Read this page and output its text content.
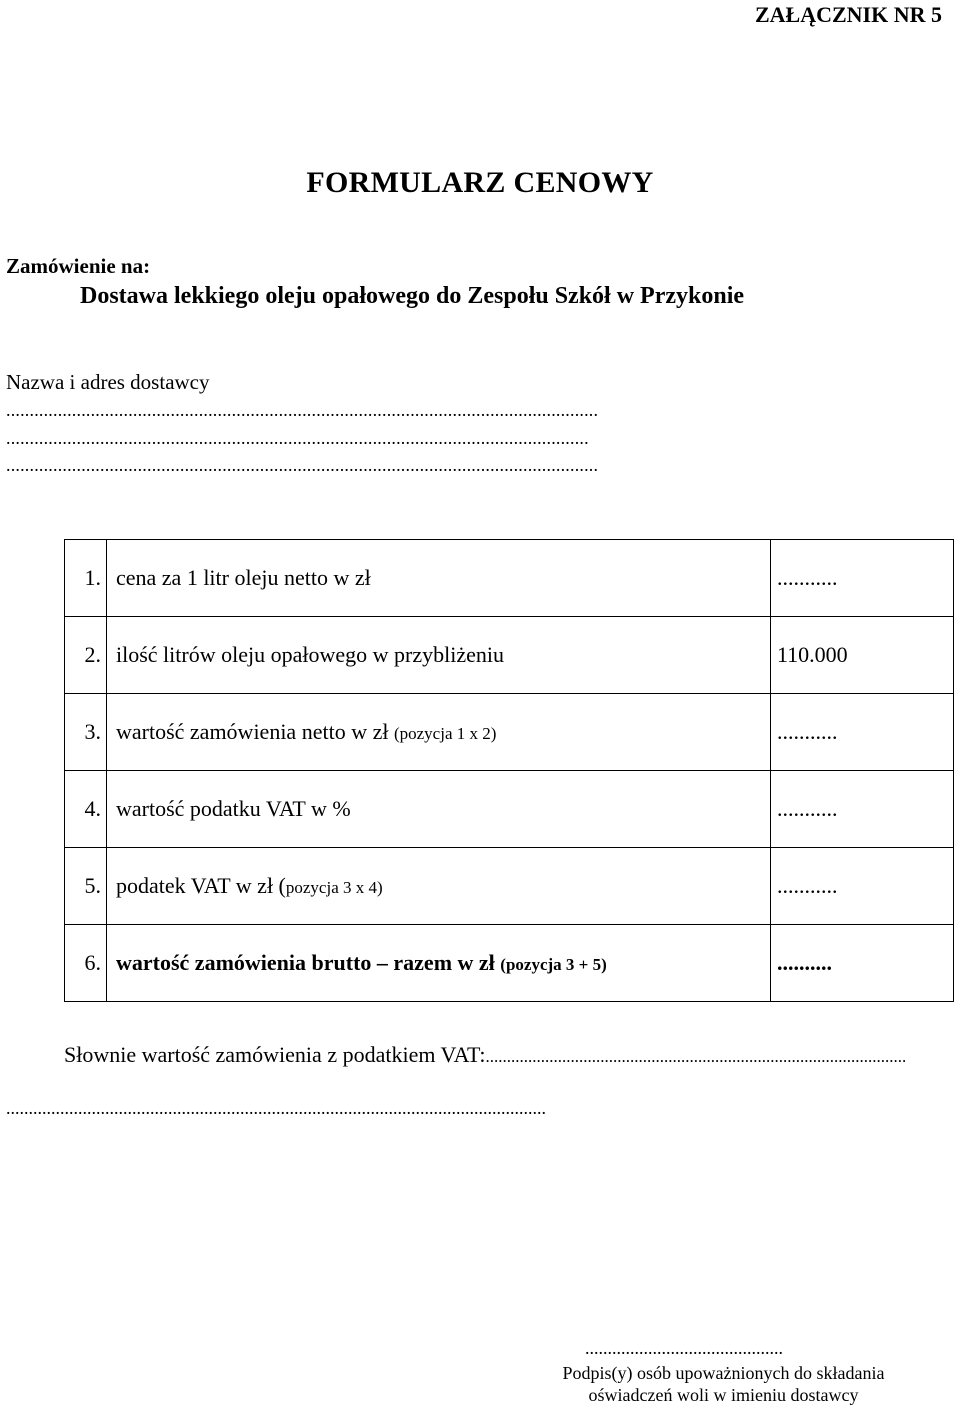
ZAŁĄCZNIK NR 5
FORMULARZ CENOWY
Zamówienie na:
Dostawa lekkiego oleju opałowego do Zespołu Szkół w Przykonie
Nazwa i adres dostawcy
..............................................................................................................................
............................................................................................................................
..............................................................................................................................
1.	cena za 1 litr oleju netto w zł	...........
2.	ilość litrów oleju opałowego w przybliżeniu	110.000
3.	wartość zamówienia netto w zł (pozycja 1 x 2)	...........
4.	wartość podatku VAT w %	...........
5.	podatek VAT w zł (pozycja 3 x 4)	...........
6.	wartość zamówienia brutto – razem w zł (pozycja 3 + 5)	..........
Słownie wartość zamówienia z podatkiem VAT:...................................................................................................
........................................................................................................................
............................................
Podpis(y) osób upoważnionych do składania oświadczeń woli w imieniu dostawcy
